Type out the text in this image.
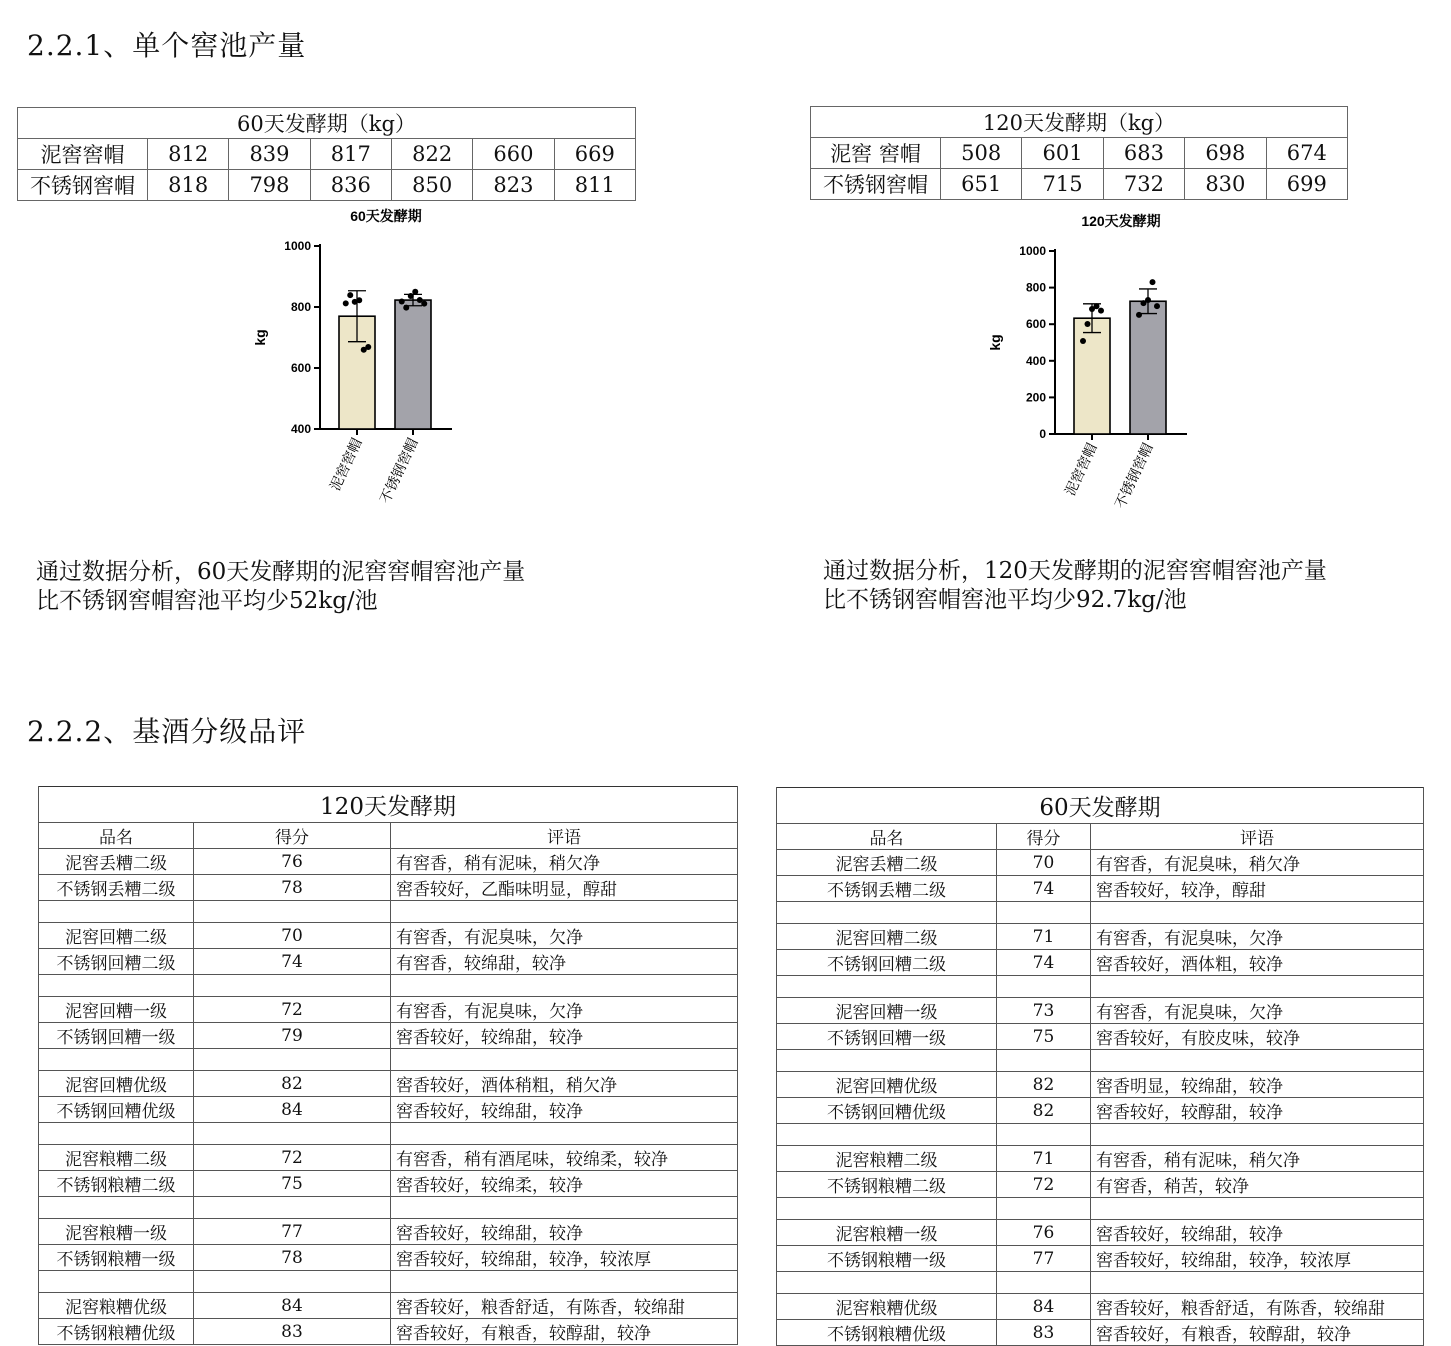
2.2.1、单个窖池产量
2.2.2、基酒分级品评
60天发酵期（kg）						
泥窖窖帽	812	839	817	822	660	669
不锈钢窖帽	818	798	836	850	823	811
120天发酵期（kg）					
泥窖 窖帽	508	601	683	698	674
不锈钢窖帽	651	715	732	830	699
60天发酵期
kg
400
600
800
1000
泥窖窖帽 不锈钢窖帽
120天发酵期
kg
0
200
400
600
800
1000
泥窖窖帽 不锈钢窖帽
通过数据分析，60天发酵期的泥窖窖帽窖池产量
比不锈钢窖帽窖池平均少52kg/池
通过数据分析，120天发酵期的泥窖窖帽窖池产量
比不锈钢窖帽窖池平均少92.7kg/池
120天发酵期		
品名	得分	评语
泥窖丢糟二级	76	有窖香，稍有泥味，稍欠净
不锈钢丢糟二级	78	窖香较好，乙酯味明显，醇甜

泥窖回糟二级	70	有窖香，有泥臭味，欠净
不锈钢回糟二级	74	有窖香，较绵甜，较净

泥窖回糟一级	72	有窖香，有泥臭味，欠净
不锈钢回糟一级	79	窖香较好，较绵甜，较净

泥窖回糟优级	82	窖香较好，酒体稍粗，稍欠净
不锈钢回糟优级	84	窖香较好，较绵甜，较净

泥窖粮糟二级	72	有窖香，稍有酒尾味，较绵柔，较净
不锈钢粮糟二级	75	窖香较好，较绵柔，较净

泥窖粮糟一级	77	窖香较好，较绵甜，较净
不锈钢粮糟一级	78	窖香较好，较绵甜，较净，较浓厚

泥窖粮糟优级	84	窖香较好，粮香舒适，有陈香，较绵甜
不锈钢粮糟优级	83	窖香较好，有粮香，较醇甜，较净
60天发酵期		
品名	得分	评语
泥窖丢糟二级	70	有窖香，有泥臭味，稍欠净
不锈钢丢糟二级	74	窖香较好，较净，醇甜

泥窖回糟二级	71	有窖香，有泥臭味，欠净
不锈钢回糟二级	74	窖香较好，酒体粗，较净

泥窖回糟一级	73	有窖香，有泥臭味，欠净
不锈钢回糟一级	75	窖香较好，有胶皮味，较净

泥窖回糟优级	82	窖香明显，较绵甜，较净
不锈钢回糟优级	82	窖香较好，较醇甜，较净

泥窖粮糟二级	71	有窖香，稍有泥味，稍欠净
不锈钢粮糟二级	72	有窖香，稍苦，较净

泥窖粮糟一级	76	窖香较好，较绵甜，较净
不锈钢粮糟一级	77	窖香较好，较绵甜，较净，较浓厚

泥窖粮糟优级	84	窖香较好，粮香舒适，有陈香，较绵甜
不锈钢粮糟优级	83	窖香较好，有粮香，较醇甜，较净
